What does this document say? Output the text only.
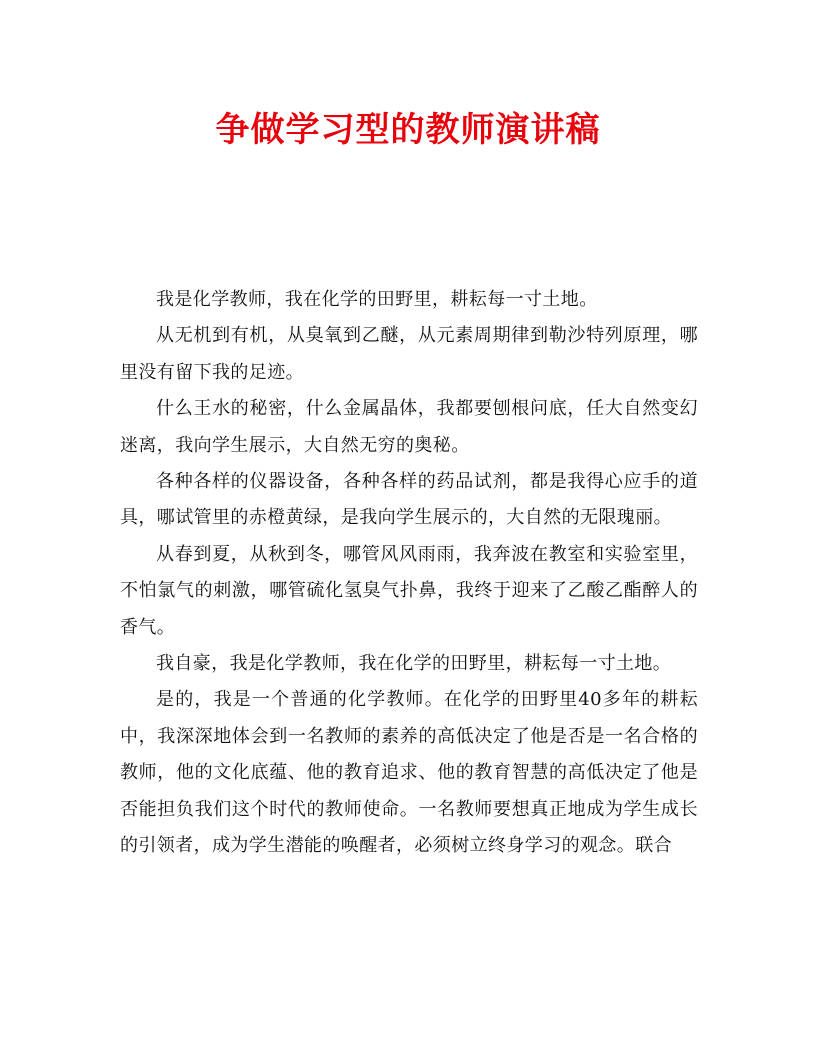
争做学习型的教师演讲稿

我是化学教师，我在化学的田野里，耕耘每一寸土地。

从无机到有机，从臭氧到乙醚，从元素周期律到勒沙特列原理，哪里没有留下我的足迹。

什么王水的秘密，什么金属晶体，我都要刨根问底，任大自然变幻迷离，我向学生展示，大自然无穷的奥秘。

各种各样的仪器设备，各种各样的药品试剂，都是我得心应手的道具，哪试管里的赤橙黄绿，是我向学生展示的，大自然的无限瑰丽。

从春到夏，从秋到冬，哪管风风雨雨，我奔波在教室和实验室里，不怕氯气的刺激，哪管硫化氢臭气扑鼻，我终于迎来了乙酸乙酯醉人的香气。

我自豪，我是化学教师，我在化学的田野里，耕耘每一寸土地。

是的，我是一个普通的化学教师。在化学的田野里40多年的耕耘中，我深深地体会到一名教师的素养的高低决定了他是否是一名合格的教师，他的文化底蕴、他的教育追求、他的教育智慧的高低决定了他是否能担负我们这个时代的教师使命。一名教师要想真正地成为学生成长的引领者，成为学生潜能的唤醒者，必须树立终身学习的观念。联合
